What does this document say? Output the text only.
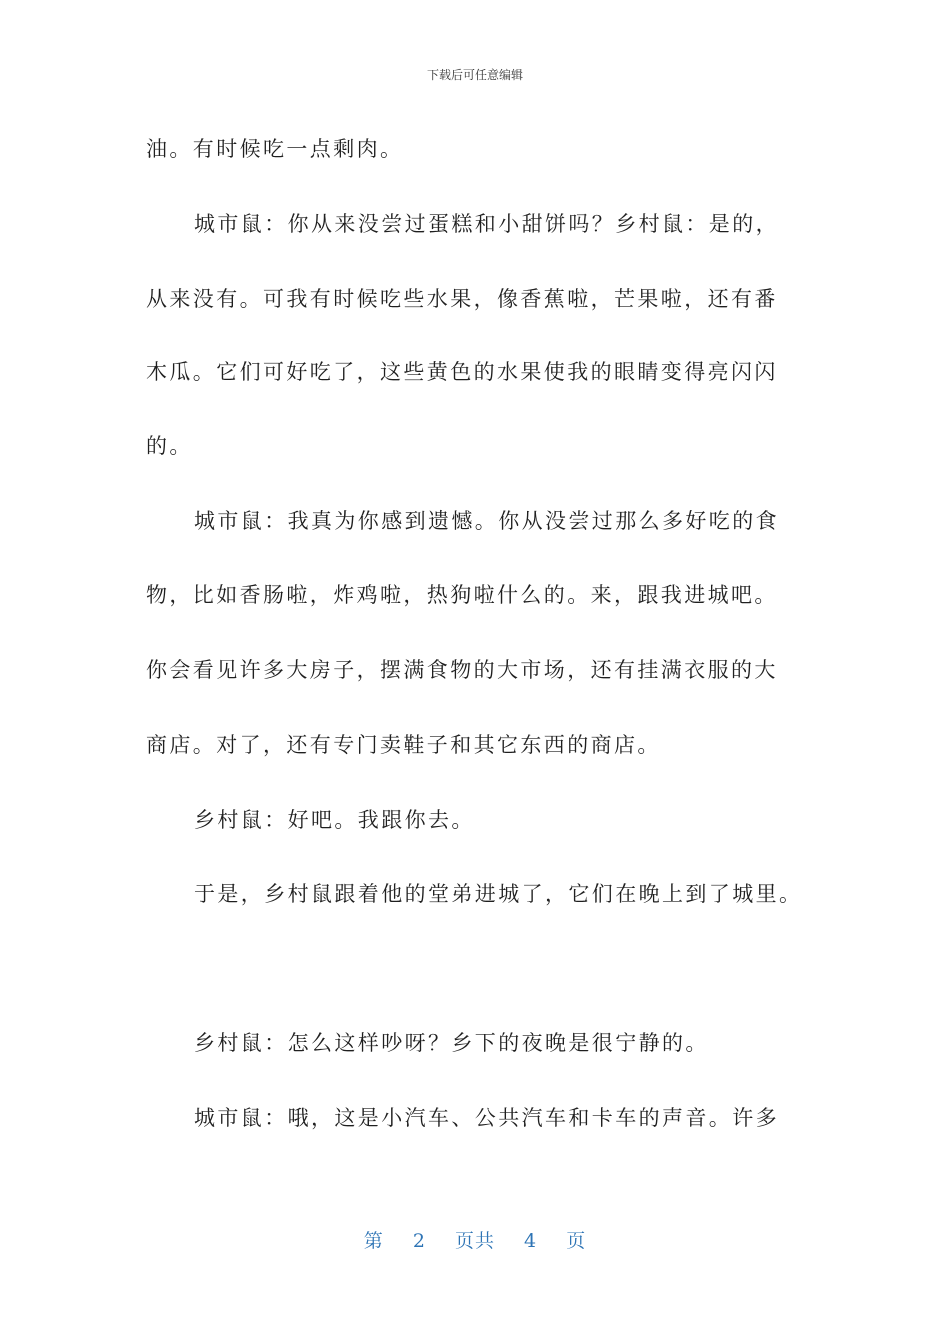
下载后可任意编辑
油。有时候吃一点剩肉。
城市鼠：你从来没尝过蛋糕和小甜饼吗？乡村鼠：是的，
从来没有。可我有时候吃些水果，像香蕉啦，芒果啦，还有番
木瓜。它们可好吃了，这些黄色的水果使我的眼睛变得亮闪闪
的。
城市鼠：我真为你感到遗憾。你从没尝过那么多好吃的食
物，比如香肠啦，炸鸡啦，热狗啦什么的。来，跟我进城吧。
你会看见许多大房子，摆满食物的大市场，还有挂满衣服的大
商店。对了，还有专门卖鞋子和其它东西的商店。
乡村鼠：好吧。我跟你去。
于是，乡村鼠跟着他的堂弟进城了，它们在晚上到了城里。
乡村鼠：怎么这样吵呀？乡下的夜晚是很宁静的。
城市鼠：哦，这是小汽车、公共汽车和卡车的声音。许多
第 2 页共 4 页
